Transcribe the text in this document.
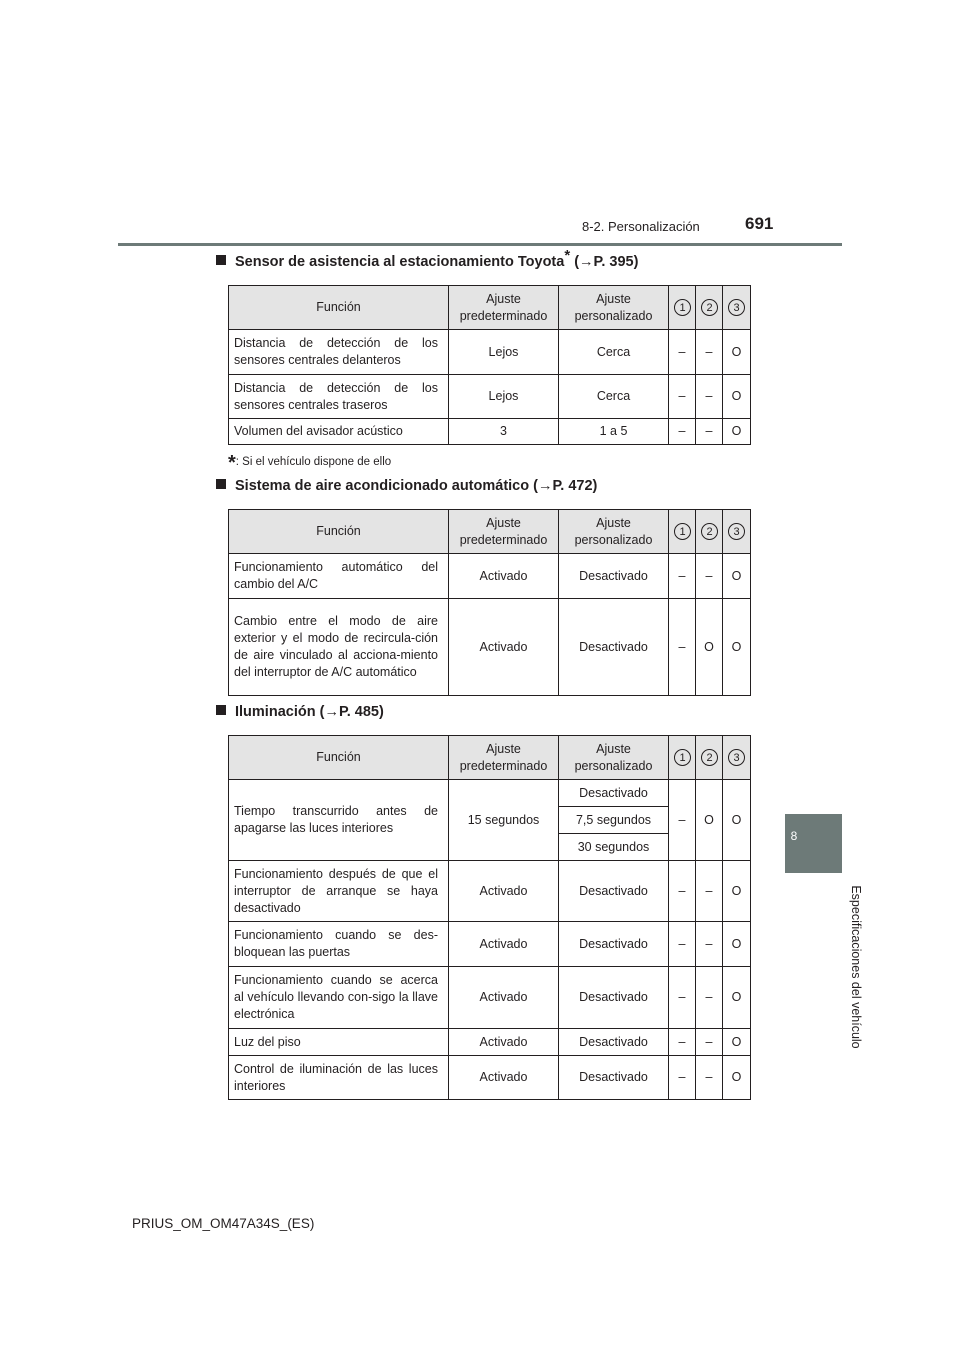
8-2. Personalización	691
8
Especificaciones del vehículo
Sensor de asistencia al estacionamiento Toyota* (→P. 395)
Función	Ajuste predeterminado	Ajuste personalizado	1	2	3
Distancia de detección de los sensores centrales delanteros	Lejos	Cerca	–	–	O
Distancia de detección de los sensores centrales traseros	Lejos	Cerca	–	–	O
Volumen del avisador acústico	3	1 a 5	–	–	O
*: Si el vehículo dispone de ello
Sistema de aire acondicionado automático (→P. 472)
Función	Ajuste predeterminado	Ajuste personalizado	1	2	3
Funcionamiento automático del cambio del A/C	Activado	Desactivado	–	–	O
Cambio entre el modo de aire exterior y el modo de recircula-ción de aire vinculado al acciona-miento del interruptor de A/C automático	Activado	Desactivado	–	O	O
Iluminación (→P. 485)
Función	Ajuste predeterminado	Ajuste personalizado	1	2	3
Tiempo transcurrido antes de apagarse las luces interiores	15 segundos	Desactivado	–	O	O
		7,5 segundos			
		30 segundos			
Funcionamiento después de que el interruptor de arranque se haya desactivado	Activado	Desactivado	–	–	O
Funcionamiento cuando se des-bloquean las puertas	Activado	Desactivado	–	–	O
Funcionamiento cuando se acerca al vehículo llevando con-sigo la llave electrónica	Activado	Desactivado	–	–	O
Luz del piso	Activado	Desactivado	–	–	O
Control de iluminación de las luces interiores	Activado	Desactivado	–	–	O
PRIUS_OM_OM47A34S_(ES)
